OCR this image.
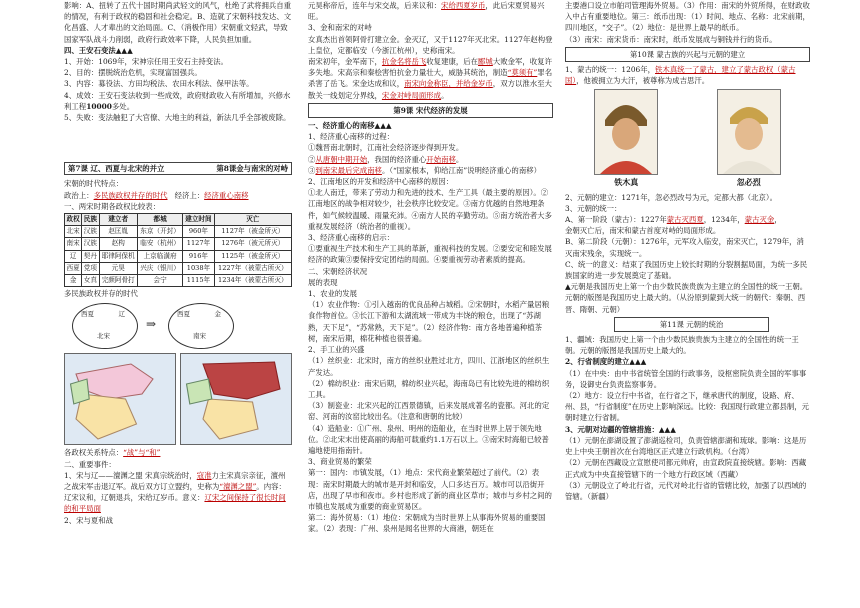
影响：A、扭转了五代十国时期尚武轻文的风气，杜绝了武将拥兵自重的情况，有利于政权的稳固和社会稳定。B、造就了宋朝科技发达、文化昌盛、人才辈出的文治局面。C、（消极作用）宋朝重文轻武，导致国家军队战斗力削弱，政府行政效率下降，人民负担加重。

四、王安石变法▲▲▲

1、开始：1069年，宋神宗任用王安石主持变法。

2、目的：摆脱统治危机，实现富国强兵。

3、内容：募役法、方田均税法、农田水利法、保甲法等。

4、成效：王安石变法收到一些成效，政府财政收入有所增加，兴修水利工程10000多处。

5、失败：变法触犯了大官僚、大地主的利益，新法几乎全部被废除。

第7课 辽、西夏与北宋的并立	第8课金与南宋的对峙

宋朝的时代特点：

政治上：多民族政权并存的时代 经济上：经济重心南移

一、两宋时期各政权比较表：

政权	民族	建立者	都城	建立时间	灭亡
北宋	汉族	赵匡胤	东京（开封）	960年	1127年（被金所灭）
南宋	汉族	赵构	临安（杭州）	1127年	1276年（被元所灭）
辽	契丹	耶律阿保机	上京临潢府	916年	1125年（被金所灭）
西夏	党项	元昊	兴庆（银川）	1038年	1227年（被蒙古所灭）
金	女真	完颜阿骨打	会宁	1115年	1234年（被蒙古所灭）

多民族政权并存的时代

西夏	辽
北宋
⇒
西夏	金
南宋

各政权关系特点：“战”与“和”

二、重要事件：

1、宋与辽——澶渊之盟 宋真宗统治时，寇准力主宋真宗亲征，澶州之战宋军击退辽军。战后双方订立盟约，史称为“澶渊之盟”。内容：辽宋议和，辽朝退兵，宋给辽岁币。意义：辽宋之间保持了很长时间的和平局面

2、宋与夏和战

元昊称帝后，连年与宋交战，后来议和：宋给西夏岁币，此后宋夏贸易兴旺。

3、金和南宋的对峙

女真杰出首领阿骨打建立金。金灭辽，又于1127年灭北宋。1127年赵构登上皇位，定都临安（今浙江杭州），史称南宋。

南宋初年，金军南下，抗金名将岳飞收复建康，后在郾城大败金军，收复许多失地。宋高宗和秦桧害怕抗金力量壮大，威胁其统治，制造“莫须有”罪名杀害了岳飞。宋金达成和议，南宋向金称臣，并给金岁币，双方以淮水至大散关一线划定分界线，宋金对峙局面形成。

第9课 宋代经济的发展

一、经济重心的南移▲▲▲

1、经济重心南移的过程：

①魏晋南北朝时，江南社会经济逐步得到开发。

②从唐朝中期开始，我国的经济重心开始南移。

③到南宋最后完成南移。（“国家根本，仰给江南”说明经济重心的南移）

2、江南地区的开发和经济中心南移的原因：

①北人南迁，带来了劳动力和先进的技术、生产工具（最主要的原因）。②江南地区的战争相对较少，社会秩序比较安定。③南方优越的自然地理条件，如气候较温暖、雨量充沛。④南方人民的辛勤劳动。⑤南方统治者大多重视发展经济（统治者的重视）。

3、经济重心南移的启示：

①要重视生产技术和生产工具的革新，重视科技的发展。②要安定和睦发展经济的政策③要保持安定团结的局面。④要重视劳动者素质的提高。

二、宋朝经济状况

展的表现

1、农业的发展

（1）农业作物：①引入越南的优良品种占城稻。②宋朝时，水稻产量居粮食作物首位。③长江下游和太湖流域一带成为丰饶的粮仓，出现了“苏湖熟，天下足”，“苏常熟，天下足”。（2）经济作物：南方各地普遍种植茶树，南宋后期，棉花种植也很普遍。

2、手工业的兴盛

（1）丝织业：北宋时，南方的丝织业胜过北方，四川、江浙地区的丝织生产发达。

（2）棉纺织业：南宋后期，棉纺织业兴起，海南岛已有比较先进的棉纺织工具。

（3）制瓷业：北宋兴起的江西景德镇，后来发展成著名的瓷都。河北的定窑、河南的汝窑比较出名。（注意和唐朝的比较）

（4）造船业：①广州、泉州、明州的造船业，在当时世界上居于领先地位。②北宋末出使高丽的海船可载重约1.1万石以上。③南宋时海船已较普遍地使用指南针。

3、商业贸易的繁荣

第一：国内：市镇发展，（1）地点：宋代商业繁荣超过了前代。（2）表现：南宋时期最大的城市是开封和临安，人口多达百万。城市可以沿街开店，出现了早市和夜市。乡村也形成了新的商业区草市；城市与乡村之间的市镇也发展成为重要的商业贸易区。

第二：海外贸易：（1）地位：宋朝成为当时世界上从事海外贸易的重要国家。（2）表现：广州、泉州是闻名世界的大商港，朝廷在

主要港口设立市舶司管理海外贸易。（3）作用：南宋的外贸所得，在财政收入中占有重要地位。第三：纸币出现：（1）时间、地点、名称：北宋前期，四川地区，“交子”。（2）地位：是世界上最早的纸币。

（3）南宋：南宋货币：南宋时，纸币发展成与铜钱并行的货币。

第10课 蒙古族的兴起与元朝的建立

1、蒙古的统一：1206年，铁木真统一了蒙古，建立了蒙古政权（蒙古国），他被拥立为大汗，被尊称为成吉思汗。

铁木真	忽必烈

2、元朝的建立：1271年，忽必烈改号为元，定都大都（北京）。

3、元朝的统一：

A、第一阶段（蒙古）：1227年蒙古灭西夏，1234年，蒙古灭金，

金朝灭亡后，南宋和蒙古首度对峙的局面形成。

B、第二阶段（元朝）：1276年，元军攻入临安，南宋灭亡，1279年，消灭南宋残余，实现统一。

C、统一的意义：结束了我国历史上较长时期的分裂割据局面，为统一多民族国家的进一步发展奠定了基础。

▲元朝是我国历史上第一个由少数民族贵族为主建立的全国性的统一王朝。元朝的版图是我国历史上最大的。（从汾原到蒙到大统一的朝代：秦朝、西晋、隋朝、元朝）

第11课 元朝的统治

1、疆域：我国历史上第一个由少数民族贵族为主建立的全国性的统一王朝。元朝的版图是我国历史上最大的。

2、行省制度的建立▲▲▲

（1）在中央：由中书省统管全国的行政事务，设枢密院负责全国的军事事务，设御史台负责监察事务。

（2）地方：设立行中书省，在行省之下，继承唐代的制度，设路、府、州、县，“行省制度”在历史上影响深远。比较：我国现行政建立都县制，元朝时建立行省制。

3、元朝对边疆的管辖措施：▲▲▲

（1）元朝在澎湖设置了澎湖巡检司，负责管辖澎湖和琉球。影响：这是历史上中央王朝首次在台湾地区正式建立行政机构。（台湾）

（2）元朝在西藏设立宣慰使司都元帅府，由宣政院直接统辖。影响：西藏正式成为中央直接管辖下的一个地方行政区域（西藏）

（3）元朝设立了岭北行省，元代对岭北行省的管辖比较，加强了以西域的管辖。（新疆）
